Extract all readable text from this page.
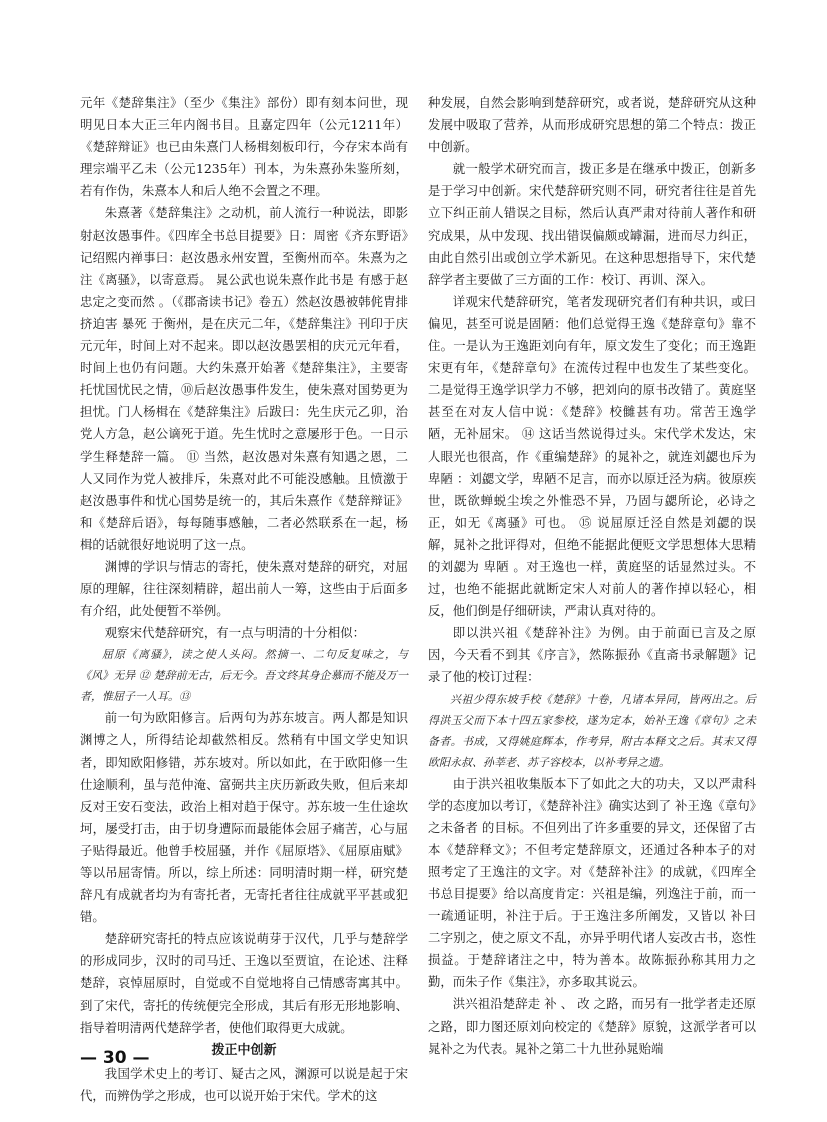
元年《楚辞集注》（至少《集注》部份）即有刻本问世，现明见日本大正三年内阁书目。且嘉定四年（公元1211年）《楚辞辩证》也已由朱熹门人杨楫刻板印行，今存宋本尚有理宗端平乙未（公元1235年）刊本，为朱熹孙朱鉴所刻，若有作伪，朱熹本人和后人绝不会置之不理。

朱熹著《楚辞集注》之动机，前人流行一种说法，即影射赵汝愚事件。《四库全书总目提要》日：周密《齐东野语》记绍熙内禅事曰：赵汝愚永州安置，至衡州而卒。朱熹为之注《离骚》，以寄意焉。 晁公武也说朱熹作此书是 有感于赵忠定之变而然 。（《郡斋读书记》卷五）然赵汝愚被韩侂胄排挤迫害 暴死 于衡州，是在庆元二年，《楚辞集注》刊印于庆元元年，时间上对不起来。即以赵汝愚罢相的庆元元年看，时间上也仍有问题。大约朱熹开始著《楚辞集注》，主要寄托忧国忧民之情，⑩后赵汝愚事件发生，使朱熹对国势更为担忧。门人杨楫在《楚辞集注》后跋曰：先生庆元乙卯，治党人方急，赵公谪死于道。先生忧时之意屡形于色。一日示学生释楚辞一篇。 ⑪ 当然，赵汝愚对朱熹有知遇之恩，二人又同作为党人被排斥，朱熹对此不可能没感触。且愤激于赵汝愚事件和忧心国势是统一的，其后朱熹作《楚辞辩证》和《楚辞后语》，每每随事感触，二者必然联系在一起，杨楫的话就很好地说明了这一点。

渊博的学识与情志的寄托，使朱熹对楚辞的研究，对屈原的理解，往往深刻精辟，超出前人一筹，这些由于后面多有介绍，此处便暂不举例。

观察宋代楚辞研究，有一点与明清的十分相似：

屈原《离骚》，读之使人头闷。然摘一、二句反复味之，与《风》无异 ⑫ 楚辞前无古，后无今。吾文终其身企慕而不能及万一者，惟屈子一人耳。⑬

前一句为欧阳修言。后两句为苏东坡言。两人都是知识渊博之人，所得结论却截然相反。然稍有中国文学史知识者，即知欧阳修错，苏东坡对。所以如此，在于欧阳修一生仕途顺利，虽与范仲淹、富弼共主庆历新政失败，但后来却反对王安石变法，政治上相对趋于保守。苏东坡一生仕途坎坷，屡受打击，由于切身遭际而最能体会屈子痛苦，心与屈子贴得最近。他曾手校屈骚，并作《屈原塔》、《屈原庙赋》等以吊屈寄情。所以，综上所述：同明清时期一样，研究楚辞凡有成就者均为有寄托者，无寄托者往往成就平平甚或犯错。

楚辞研究寄托的特点应该说萌芽于汉代，几乎与楚辞学的形成同步，汉时的司马迁、王逸以至贾谊，在论述、注释楚辞，哀悼屈原时，自觉或不自觉地将自己情感寄寓其中。到了宋代，寄托的传统便完全形成，其后有形无形地影响、指导着明清两代楚辞学者，使他们取得更大成就。

拨正中创新

我国学术史上的考订、疑古之风，渊源可以说是起于宋代，而辨伪学之形成，也可以说开始于宋代。学术的这

种发展，自然会影响到楚辞研究，或者说，楚辞研究从这种发展中吸取了营养，从而形成研究思想的第二个特点：拨正中创新。

就一般学术研究而言，拨正多是在继承中拨正，创新多是于学习中创新。宋代楚辞研究则不同，研究者往往是首先立下纠正前人错误之目标，然后认真严肃对待前人著作和研究成果，从中发现、找出错误偏颇或罅漏，进而尽力纠正，由此自然引出或创立学术新见。在这种思想指导下，宋代楚辞学者主要做了三方面的工作：校订、再训、深入。

详观宋代楚辞研究，笔者发现研究者们有种共识，或曰偏见，甚至可说是固陋：他们总觉得王逸《楚辞章句》靠不住。一是认为王逸距刘向有年，原文发生了变化；而王逸距宋更有年，《楚辞章句》在流传过程中也发生了某些变化。二是觉得王逸学识学力不够，把刘向的原书改错了。黄庭坚甚至在对友人信中说：《楚辞》校雠甚有功。常苦王逸学陋，无补屈宋。 ⑭ 这话当然说得过头。宋代学术发达，宋人眼光也很高，作《重编楚辞》的晁补之，就连刘勰也斥为 卑陋 ：刘勰文学，卑陋不足言，而亦以原迁泾为病。彼原疾世，既欲蝉蜕尘埃之外惟恐不异，乃固与勰所论，必诗之正，如无《离骚》可也。 ⑮ 说屈原迁泾自然是刘勰的误解，晁补之批评得对，但绝不能据此便贬文学思想体大思精的刘勰为 卑陋 。对王逸也一样，黄庭坚的话显然过头。不过，也绝不能据此就断定宋人对前人的著作掉以轻心，相反，他们倒是仔细研读，严肃认真对待的。

即以洪兴祖《楚辞补注》为例。由于前面已言及之原因，今天看不到其《序言》，然陈振孙《直斋书录解题》记录了他的校订过程：

兴祖少得东坡手校《楚辞》十卷，凡诸本异同，皆两出之。后得洪玉父而下本十四五家参校，遂为定本，始补王逸《章句》之未备者。书成，又得姚庭辉本，作考异，附古本释文之后。其末又得欧阳永叔、孙莘老、苏子容校本，以补考异之遗。

由于洪兴祖收集版本下了如此之大的功夫，又以严肃科学的态度加以考订，《楚辞补注》确实达到了 补王逸《章句》之未备者 的目标。不但列出了许多重要的异文，还保留了古本《楚辞释文》；不但考定楚辞原文，还通过各种本子的对照考定了王逸注的文字。对《楚辞补注》的成就，《四库全书总目提要》给以高度肯定：兴祖是编，列逸注于前，而一一疏通证明，补注于后。于王逸注多所阐发，又皆以 补曰 二字别之，使之原文不乱，亦异乎明代诸人妄改古书，恣性损益。于楚辞诸注之中，特为善本。故陈振孙称其用力之勤，而朱子作《集注》，亦多取其说云。

洪兴祖沿楚辞走 补 、 改 之路，而另有一批学者走还原之路，即力图还原刘向校定的《楚辞》原貌，这派学者可以晁补之为代表。晁补之第二十九世孙晁贻端

— 30 —
